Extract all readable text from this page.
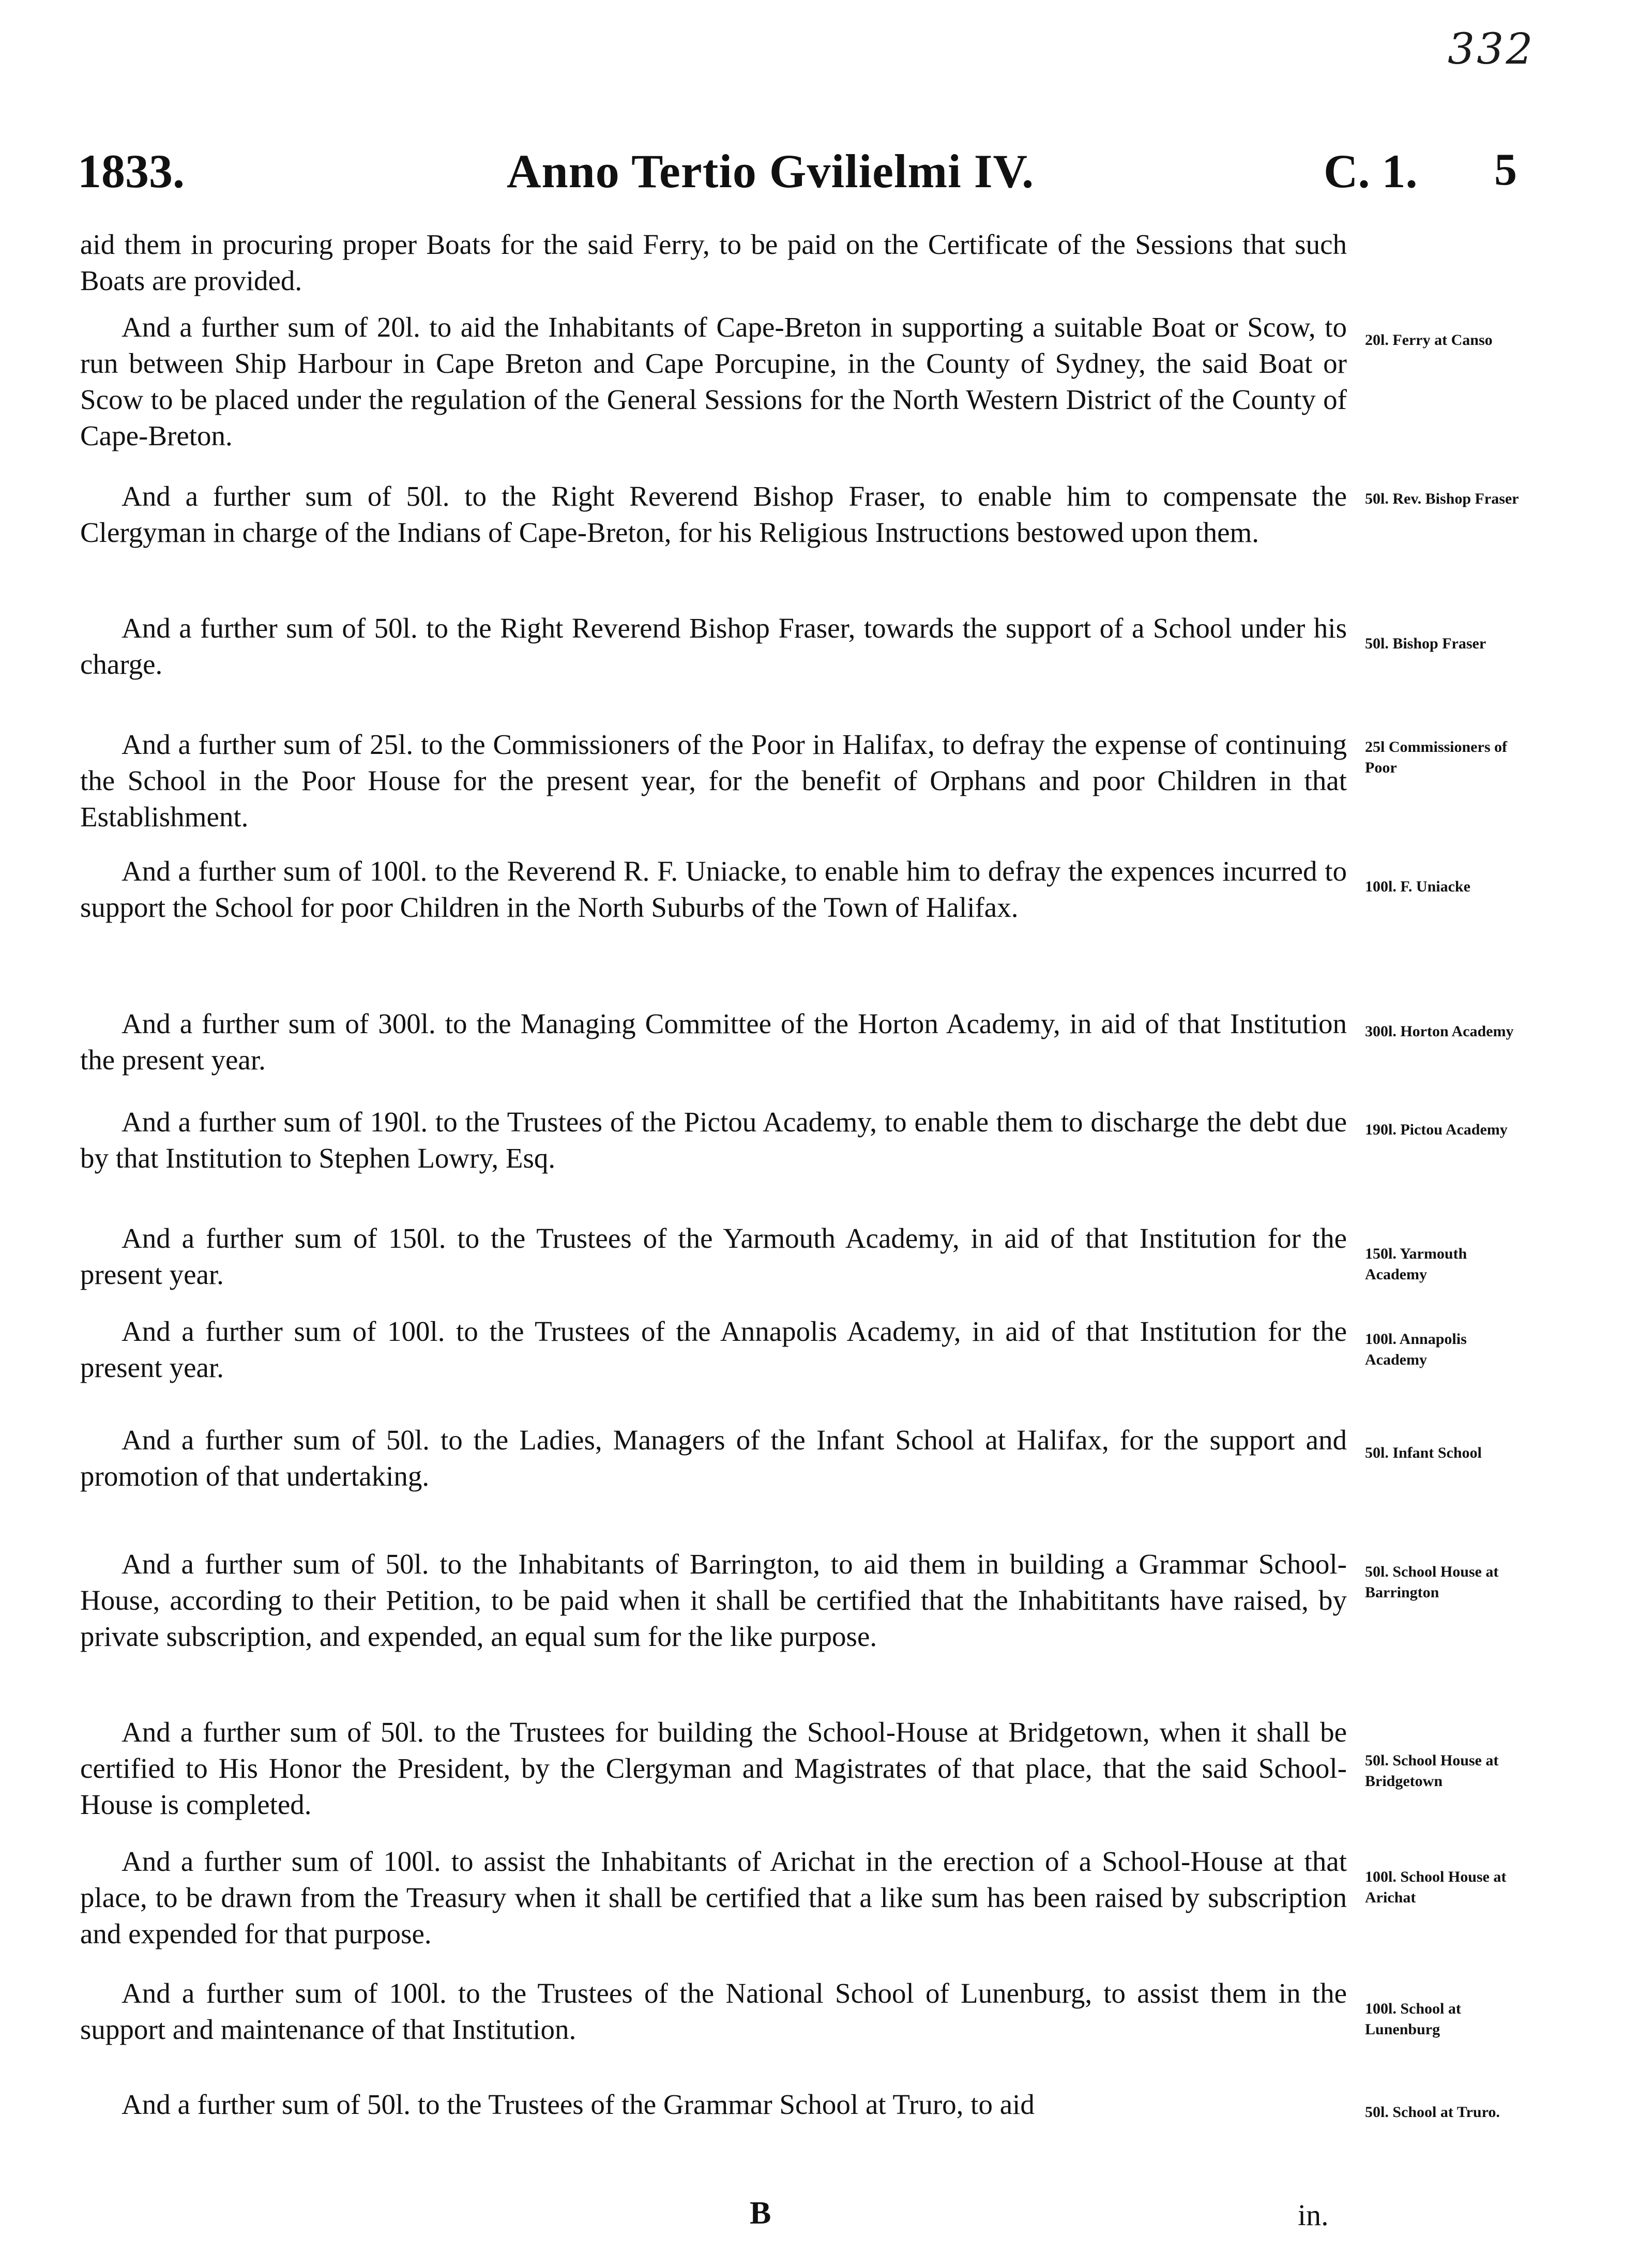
332
1833.	Anno Tertio Gvilielmi IV.	C. 1. 5
aid them in procuring proper Boats for the said Ferry, to be paid on the Certificate of the Sessions that such Boats are provided.
And a further sum of 20l. to aid the Inhabitants of Cape-Breton in supporting a suitable Boat or Scow, to run between Ship Harbour in Cape Breton and Cape Porcupine, in the County of Sydney, the said Boat or Scow to be placed under the regulation of the General Sessions for the North Western District of the County of Cape-Breton.
20l. Ferry at Canso
And a further sum of 50l. to the Right Reverend Bishop Fraser, to enable him to compensate the Clergyman in charge of the Indians of Cape-Breton, for his Religious Instructions bestowed upon them.
50l. Rev. Bishop Fraser
And a further sum of 50l. to the Right Reverend Bishop Fraser, towards the support of a School under his charge.
50l. Bishop Fraser
And a further sum of 25l. to the Commissioners of the Poor in Halifax, to defray the expense of continuing the School in the Poor House for the present year, for the benefit of Orphans and poor Children in that Establishment.
25l Commissioners of Poor
And a further sum of 100l. to the Reverend R. F. Uniacke, to enable him to defray the expences incurred to support the School for poor Children in the North Suburbs of the Town of Halifax.
100l. F. Uniacke
And a further sum of 300l. to the Managing Committee of the Horton Academy, in aid of that Institution the present year.
300l. Horton Academy
And a further sum of 190l. to the Trustees of the Pictou Academy, to enable them to discharge the debt due by that Institution to Stephen Lowry, Esq.
190l. Pictou Academy
And a further sum of 150l. to the Trustees of the Yarmouth Academy, in aid of that Institution for the present year.
150l. Yarmouth Academy
And a further sum of 100l. to the Trustees of the Annapolis Academy, in aid of that Institution for the present year.
100l. Annapolis Academy
And a further sum of 50l. to the Ladies, Managers of the Infant School at Halifax, for the support and promotion of that undertaking.
50l. Infant School
And a further sum of 50l. to the Inhabitants of Barrington, to aid them in building a Grammar School-House, according to their Petition, to be paid when it shall be certified that the Inhabititants have raised, by private subscription, and expended, an equal sum for the like purpose.
50l. School House at Barrington
And a further sum of 50l. to the Trustees for building the School-House at Bridgetown, when it shall be certified to His Honor the President, by the Clergyman and Magistrates of that place, that the said School-House is completed.
50l. School House at Bridgetown
And a further sum of 100l. to assist the Inhabitants of Arichat in the erection of a School-House at that place, to be drawn from the Treasury when it shall be certified that a like sum has been raised by subscription and expended for that purpose.
100l. School House at Arichat
And a further sum of 100l. to the Trustees of the National School of Lunenburg, to assist them in the support and maintenance of that Institution.
100l. School at Lunenburg
And a further sum of 50l. to the Trustees of the Grammar School at Truro, to aid	50l. School at Truro.
B	in.
